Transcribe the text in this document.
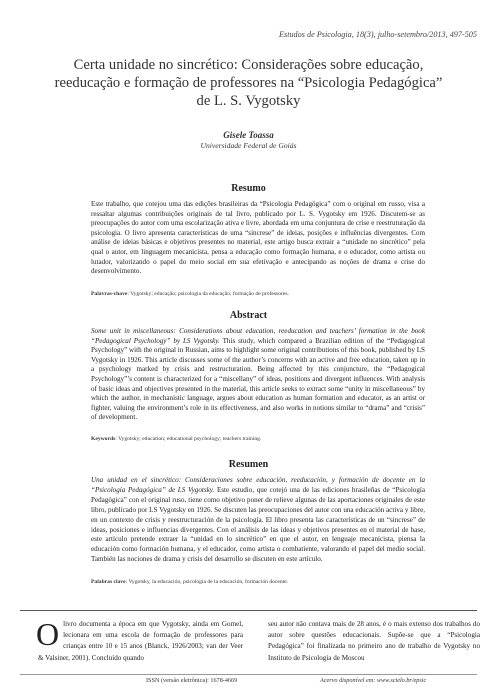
Estudos de Psicologia, 18(3), julho-setembro/2013, 497-505
Certa unidade no sincrético: Considerações sobre educação,
reeducação e formação de professores na “Psicologia Pedagógica”
de L. S. Vygotsky
Gisele Toassa
Universidade Federal de Goiás
Resumo
Este trabalho, que cotejou uma das edições brasileiras da “Psicologia Pedagógica” com o original em russo, visa a ressaltar algumas contribuições originais de tal livro, publicado por L. S. Vygotsky em 1926. Discutem-se as preocupações do autor com uma escolarização ativa e livre, abordada em uma conjuntura de crise e reestruturação da psicologia. O livro apresenta características de uma “sincrese” de ideias, posições e influências divergentes. Com análise de ideias básicas e objetivos presentes no material, este artigo busca extrair a “unidade no sincrético” pela qual o autor, em linguagem mecanicista, pensa a educação como formação humana, e o educador, como artista ou lutador, valorizando o papel do meio social em sua efetivação e antecipando as noções de drama e crise do desenvolvimento.
Palavras-chave: Vygotsky; educação; psicologia da educação; formação de professores.
Abstract
Some unit in miscellaneous: Considerations about education, reeducation and teachers’ formation in the book “Pedagogical Psychology” by LS Vygotsky. This study, which compared a Brazilian edition of the “Pedagogical Psychology” with the original in Russian, aims to highlight some original contributions of this book, published by LS Vygotsky in 1926. This article discusses some of the author’s concerns with an active and free education, taken up in a psychology marked by crisis and restructuration. Being affected by this conjuncture, the “Pedagogical Psychology”’s content is characterized for a “miscellany” of ideas, positions and divergent influences. With analysis of basic ideas and objectives presented in the material, this article seeks to extract some “unity in miscellaneous” by which the author, in mechanistic language, argues about education as human formation and educator, as an artist or fighter, valuing the environment’s role in its effectiveness, and also works in notions similar to “drama” and “crisis” of development.
Keywords: Vygotsky; education; educational psychology; teachers training.
Resumen
Una unidad en el sincrético: Consideraciones sobre educación, reeducación, y formación de docente en la “Psicología Pedagógica” de LS Vygotsky. Este estudio, que cotejó una de las ediciones brasileñas de “Psicología Pedagógica” con el original ruso, tiene como objetivo poner de relieve algunas de las aportaciones originales de este libro, publicado por LS Vygotsky en 1926. Se discuten las preocupaciones del autor con una educación activa y libre, en un contexto de crisis y reestructuración de la psicología. El libro presenta las características de un “sincrese” de ideas, posiciones e influencias divergentes. Con el análisis de las ideas y objetivos presentes en el material de base, este artículo pretende extraer la “unidad en lo sincrético” en que el autor, en lenguaje mecanicista, piensa la educación como formación humana, y el educador, como artista o combatiente, valorando el papel del medio social. También las nociones de drama y crisis del desarrollo se discuten en este artículo.
Palabras clave: Vygotsky, la educación, psicología de la educación, formación docente.
Olivro documenta a época em que Vygotsky, ainda em Gomel, lecionara em uma escola de formação de professores para crianças entre 10 e 15 anos (Blanck, 1926/2003; van der Veer & Valsiner, 2001). Concluído quando
seu autor não contava mais de 28 anos, é o mais extenso dos trabalhos do autor sobre questões educacionais. Supõe-se que a “Psicologia Pedagógica” foi finalizada no primeiro ano de trabalho de Vygotsky no Instituto de Psicologia de Moscou
ISSN (versão eletrônica): 1678-4669	Acervo disponível em: www.scielo.br/epsic
